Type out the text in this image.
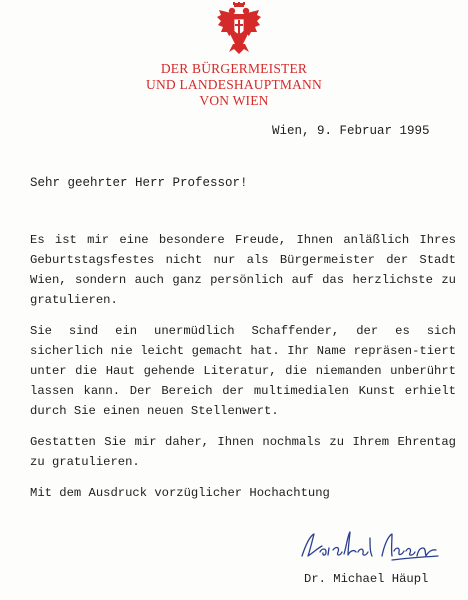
DER BÜRGERMEISTER
UND LANDESHAUPTMANN
VON WIEN
Wien, 9. Februar 1995
Sehr geehrter Herr Professor!
Es ist mir eine besondere Freude, Ihnen anläßlich Ihres Geburtstagsfestes nicht nur als Bürgermeister der Stadt Wien, sondern auch ganz persönlich auf das herzlichste zu gratulieren.
Sie sind ein unermüdlich Schaffender, der es sich sicherlich nie leicht gemacht hat. Ihr Name repräsen-tiert unter die Haut gehende Literatur, die niemanden unberührt lassen kann. Der Bereich der multimedialen Kunst erhielt durch Sie einen neuen Stellenwert.
Gestatten Sie mir daher, Ihnen nochmals zu Ihrem Ehrentag zu gratulieren.
Mit dem Ausdruck vorzüglicher Hochachtung
Dr. Michael Häupl
